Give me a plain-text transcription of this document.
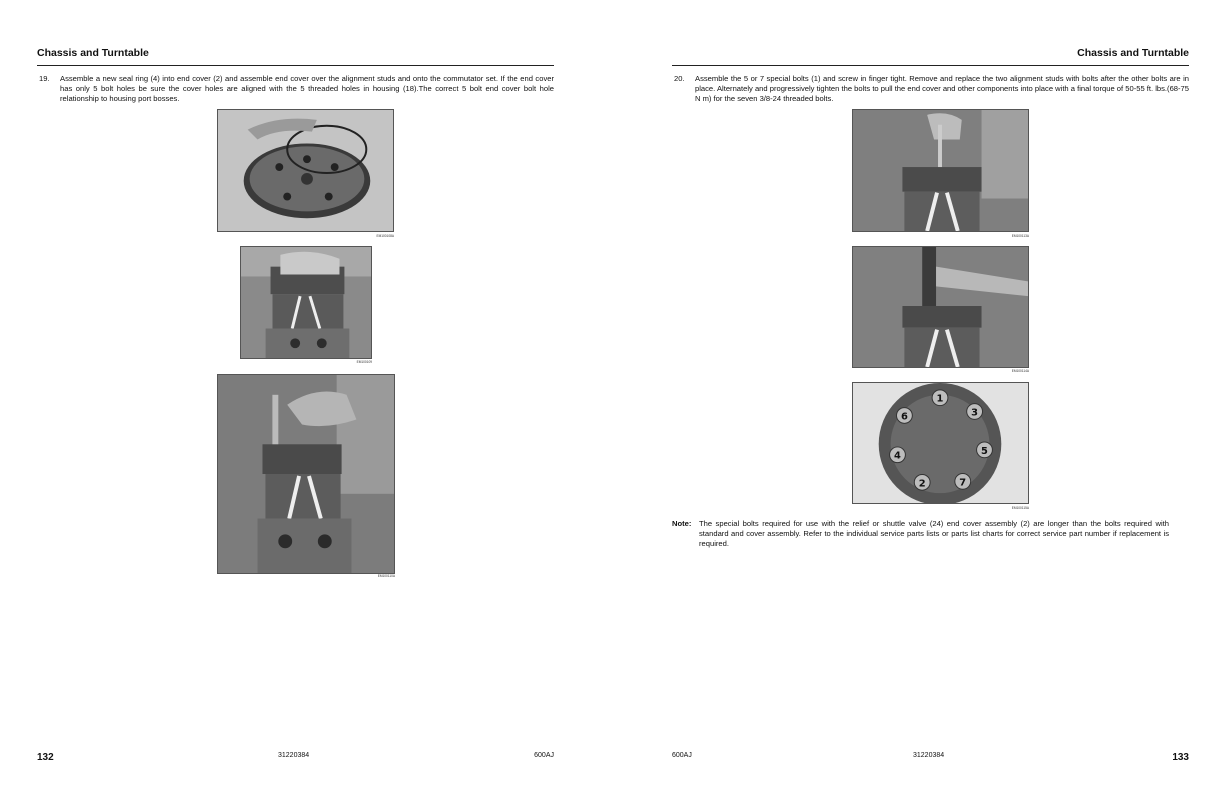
Chassis and Turntable
19. Assemble a new seal ring (4) into end cover (2) and assemble end cover over the alignment studs and onto the commutator set. If the end cover has only 5 bolt holes be sure the cover holes are aligned with the 5 threaded holes in housing (18).The correct 5 bolt end cover bolt hole relationship to housing port bosses.
EM100108A
EM100109
EM100110A
132	31220384	600AJ
Chassis and Turntable
20. Assemble the 5 or 7 special bolts (1) and screw in finger tight. Remove and replace the two alignment studs with bolts after the other bolts are in place. Alternately and progressively tighten the bolts to pull the end cover and other components into place with a final torque of 50-55 ft. lbs.(68-75 N m) for the seven 3/8-24 threaded bolts.
EM100113A
EM100114A
1
3
5
7
2
4
6
EM100115A
Note: The special bolts required for use with the relief or shuttle valve (24) end cover assembly (2) are longer than the bolts required with standard and cover assembly. Refer to the individual service parts lists or parts list charts for correct service part number if replacement is required.
600AJ	31220384	133
